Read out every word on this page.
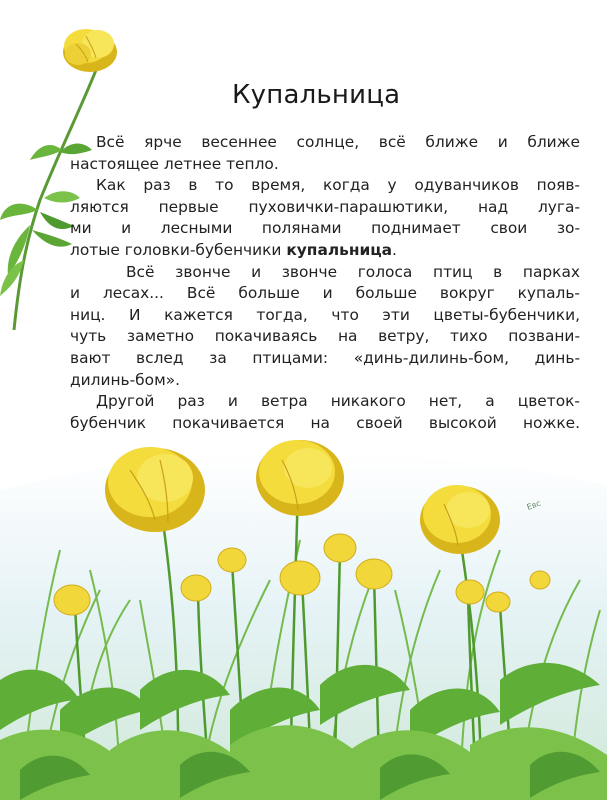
Купальница
Всё ярче весеннее солнце, всё ближе и ближе
настоящее летнее тепло.
Как раз в то время, когда у одуванчиков появ-
ляются первые пуховички-парашютики, над луга-
ми и лесными полянами поднимает свои зо-
лотые головки-бубенчики купальница.
Всё звонче и звонче голоса птиц в парках
и лесах... Всё больше и больше вокруг купаль-
ниц. И кажется тогда, что эти цветы-бубенчики,
чуть заметно покачиваясь на ветру, тихо позвани-
вают вслед за птицами: «динь-дилинь-бом, динь-
дилинь-бом».
Другой раз и ветра никакого нет, а цветок-
бубенчик покачивается на своей высокой ножке.
Евс
